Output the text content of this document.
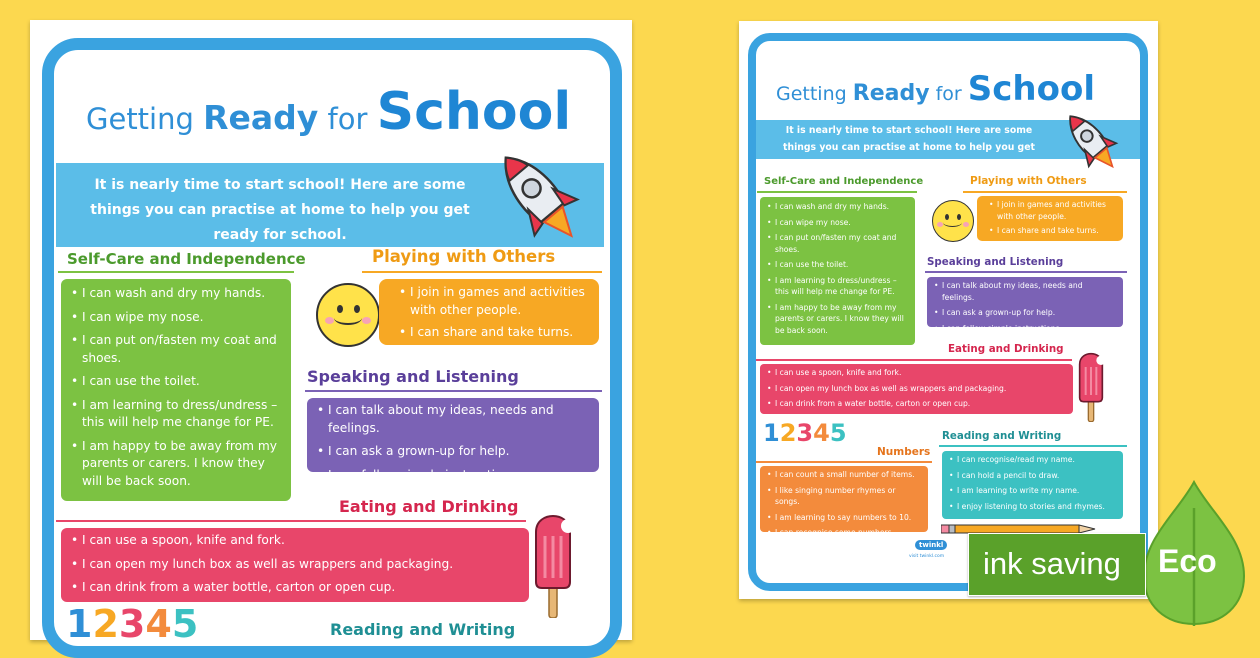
Getting Ready for School
It is nearly time to start school! Here are some things you can practise at home to help you get ready for school.
Self-Care and Independence
• I can wash and dry my hands.
• I can wipe my nose.
• I can put on/fasten my coat and shoes.
• I can use the toilet.
• I am learning to dress/undress – this will help me change for PE.
• I am happy to be away from my parents or carers. I know they will be back soon.
Playing with Others
• I join in games and activities with other people.
• I can share and take turns.
Speaking and Listening
• I can talk about my ideas, needs and feelings.
• I can ask a grown-up for help.
• I can follow simple instructions.
Eating and Drinking
• I can use a spoon, knife and fork.
• I can open my lunch box as well as wrappers and packaging.
• I can drink from a water bottle, carton or open cup.
12345	Reading and Writing
Getting Ready for School
It is nearly time to start school! Here are some things you can practise at home to help you get ready for school.
Self-Care and Independence
• I can wash and dry my hands.
• I can wipe my nose.
• I can put on/fasten my coat and shoes.
• I can use the toilet.
• I am learning to dress/undress – this will help me change for PE.
• I am happy to be away from my parents or carers. I know they will be back soon.
Playing with Others
• I join in games and activities with other people.
• I can share and take turns.
Speaking and Listening
• I can talk about my ideas, needs and feelings.
• I can ask a grown-up for help.
• I can follow simple instructions.
Eating and Drinking
• I can use a spoon, knife and fork.
• I can open my lunch box as well as wrappers and packaging.
• I can drink from a water bottle, carton or open cup.
12345
Numbers
• I can count a small number of items.
• I like singing number rhymes or songs.
• I am learning to say numbers to 10.
• I can recognise some numbers.
Reading and Writing
• I can recognise/read my name.
• I can hold a pencil to draw.
• I am learning to write my name.
• I enjoy listening to stories and rhymes.
twinkl
visit twinkl.com ink saving Eco
